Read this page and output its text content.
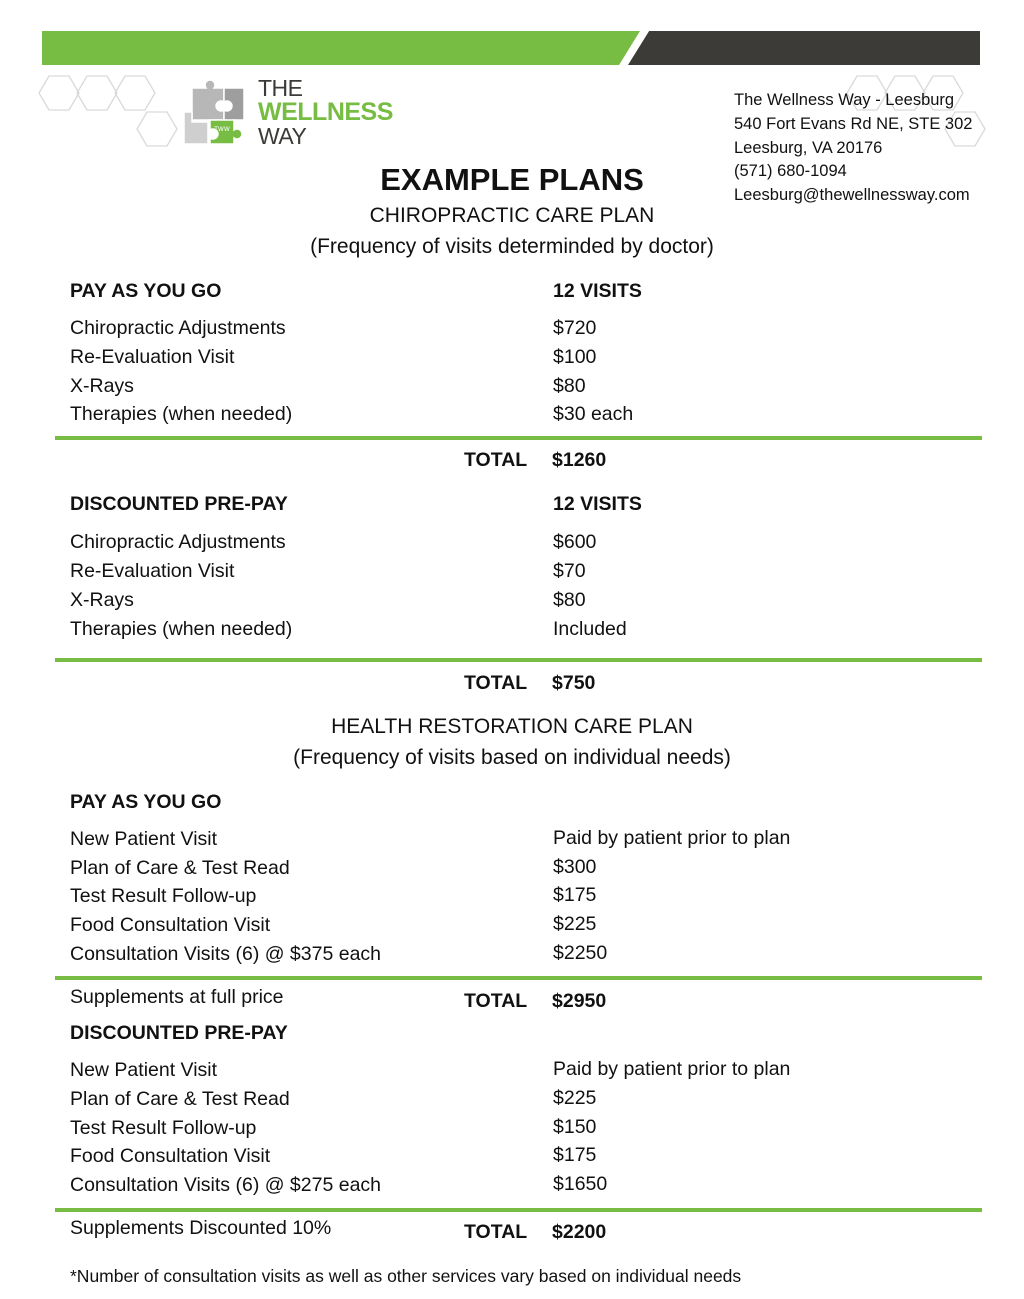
TWW
THE
WELLNESS
WAY
The Wellness Way - Leesburg
540 Fort Evans Rd NE, STE 302
Leesburg, VA 20176
(571) 680-1094
Leesburg@thewellnessway.com
EXAMPLE PLANS
CHIROPRACTIC CARE PLAN
(Frequency of visits determinded by doctor)
PAY AS YOU GO	12 VISITS
Chiropractic Adjustments	$720
Re-Evaluation Visit	$100
X-Rays	$80
Therapies (when needed)	$30 each
TOTAL $1260
DISCOUNTED PRE-PAY	12 VISITS
Chiropractic Adjustments	$600
Re-Evaluation Visit	$70
X-Rays	$80
Therapies (when needed)	Included
TOTAL $750
HEALTH RESTORATION CARE PLAN
(Frequency of visits based on individual needs)
PAY AS YOU GO
New Patient Visit	Paid by patient prior to plan
Plan of Care & Test Read	$300
Test Result Follow-up	$175
Food Consultation Visit	$225
Consultation Visits (6) @ $375 each	$2250
Supplements at full price	TOTAL $2950
DISCOUNTED PRE-PAY
New Patient Visit	Paid by patient prior to plan
Plan of Care & Test Read	$225
Test Result Follow-up	$150
Food Consultation Visit	$175
Consultation Visits (6) @ $275 each	$1650
Supplements Discounted 10%	TOTAL $2200
*Number of consultation visits as well as other services vary based on individual needs
